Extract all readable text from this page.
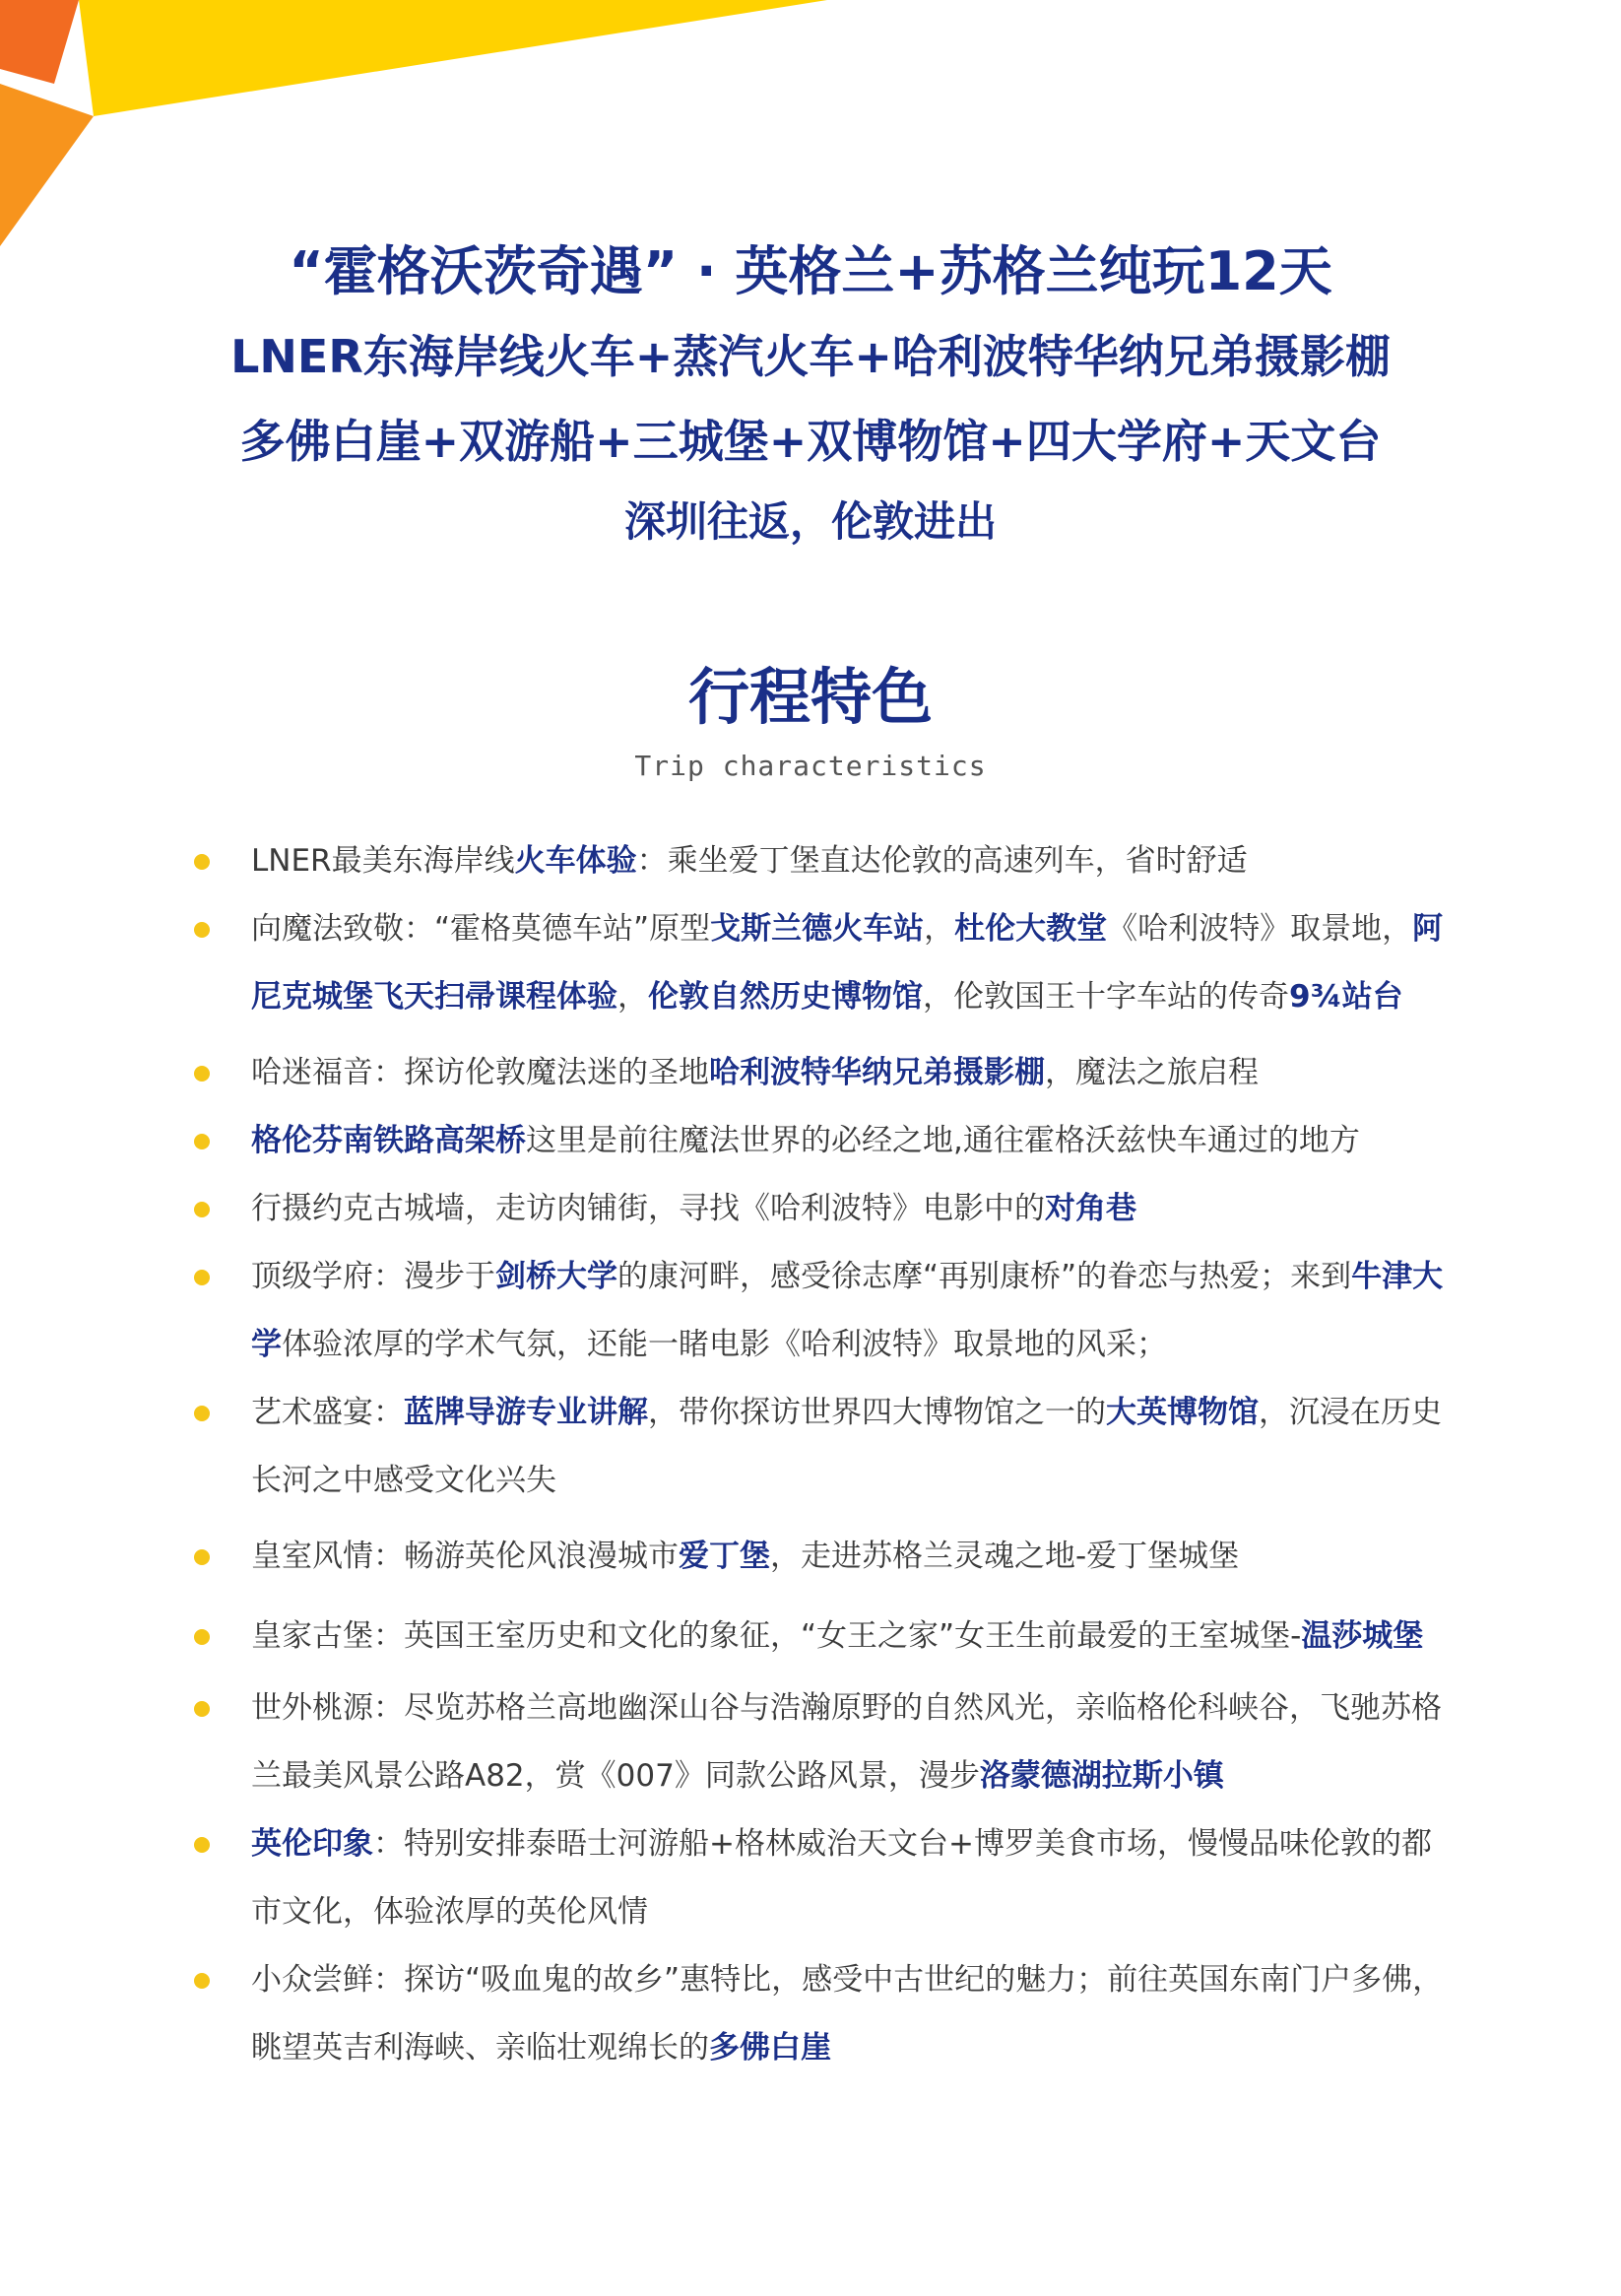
“霍格沃茨奇遇” · 英格兰+苏格兰纯玩12天
LNER东海岸线火车+蒸汽火车+哈利波特华纳兄弟摄影棚
多佛白崖+双游船+三城堡+双博物馆+四大学府+天文台
深圳往返，伦敦进出
行程特色
Trip characteristics
LNER最美东海岸线火车体验：乘坐爱丁堡直达伦敦的高速列车，省时舒适
向魔法致敬：“霍格莫德车站”原型戈斯兰德火车站，杜伦大教堂《哈利波特》取景地，阿尼克城堡飞天扫帚课程体验，伦敦自然历史博物馆，伦敦国王十字车站的传奇9¾站台
哈迷福音：探访伦敦魔法迷的圣地哈利波特华纳兄弟摄影棚，魔法之旅启程
格伦芬南铁路高架桥这里是前往魔法世界的必经之地,通往霍格沃兹快车通过的地方
行摄约克古城墙，走访肉铺街，寻找《哈利波特》电影中的对角巷
顶级学府：漫步于剑桥大学的康河畔，感受徐志摩“再别康桥”的眷恋与热爱；来到牛津大学体验浓厚的学术气氛，还能一睹电影《哈利波特》取景地的风采；
艺术盛宴：蓝牌导游专业讲解，带你探访世界四大博物馆之一的大英博物馆，沉浸在历史长河之中感受文化兴失
皇室风情：畅游英伦风浪漫城市爱丁堡，走进苏格兰灵魂之地-爱丁堡城堡
皇家古堡：英国王室历史和文化的象征，“女王之家”女王生前最爱的王室城堡-温莎城堡
世外桃源：尽览苏格兰高地幽深山谷与浩瀚原野的自然风光，亲临格伦科峡谷，飞驰苏格兰最美风景公路A82，赏《007》同款公路风景，漫步洛蒙德湖拉斯小镇
英伦印象：特别安排泰晤士河游船+格林威治天文台+博罗美食市场，慢慢品味伦敦的都市文化，体验浓厚的英伦风情
小众尝鲜：探访“吸血鬼的故乡”惠特比，感受中古世纪的魅力；前往英国东南门户多佛，眺望英吉利海峡、亲临壮观绵长的多佛白崖
